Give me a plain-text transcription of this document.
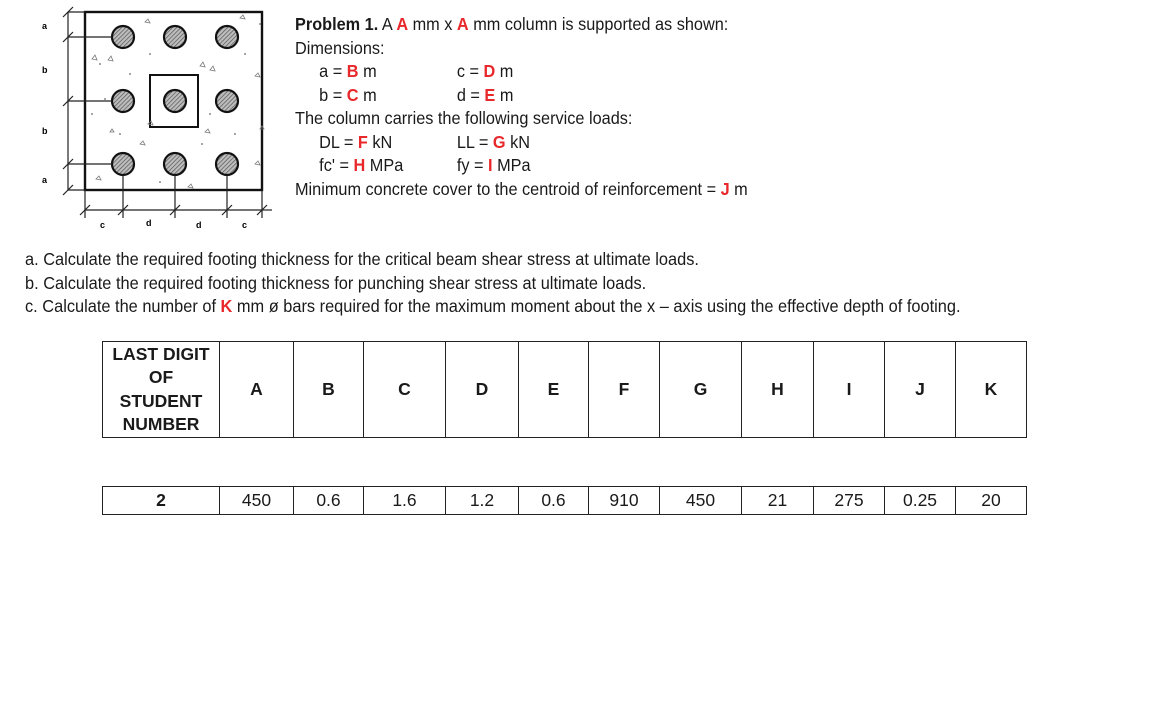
a
b
b
a
c	d	d	c
Problem 1. A A mm x A mm column is supported as shown:
Dimensions:
a = B m	c = D m
b = C m	d = E m
The column carries the following service loads:
DL = F kN	LL = G kN
fc' = H MPa	fy = I MPa
Minimum concrete cover to the centroid of reinforcement = J m
a. Calculate the required footing thickness for the critical beam shear stress at ultimate loads.
b. Calculate the required footing thickness for punching shear stress at ultimate loads.
c. Calculate the number of K mm ø bars required for the maximum moment about the x – axis using the effective depth of footing.
LAST DIGIT
OF
STUDENT
NUMBER
	A	B	C	D	E	F	G	H	I	J	K
2	450	0.6	1.6	1.2	0.6	910	450	21	275	0.25	20
